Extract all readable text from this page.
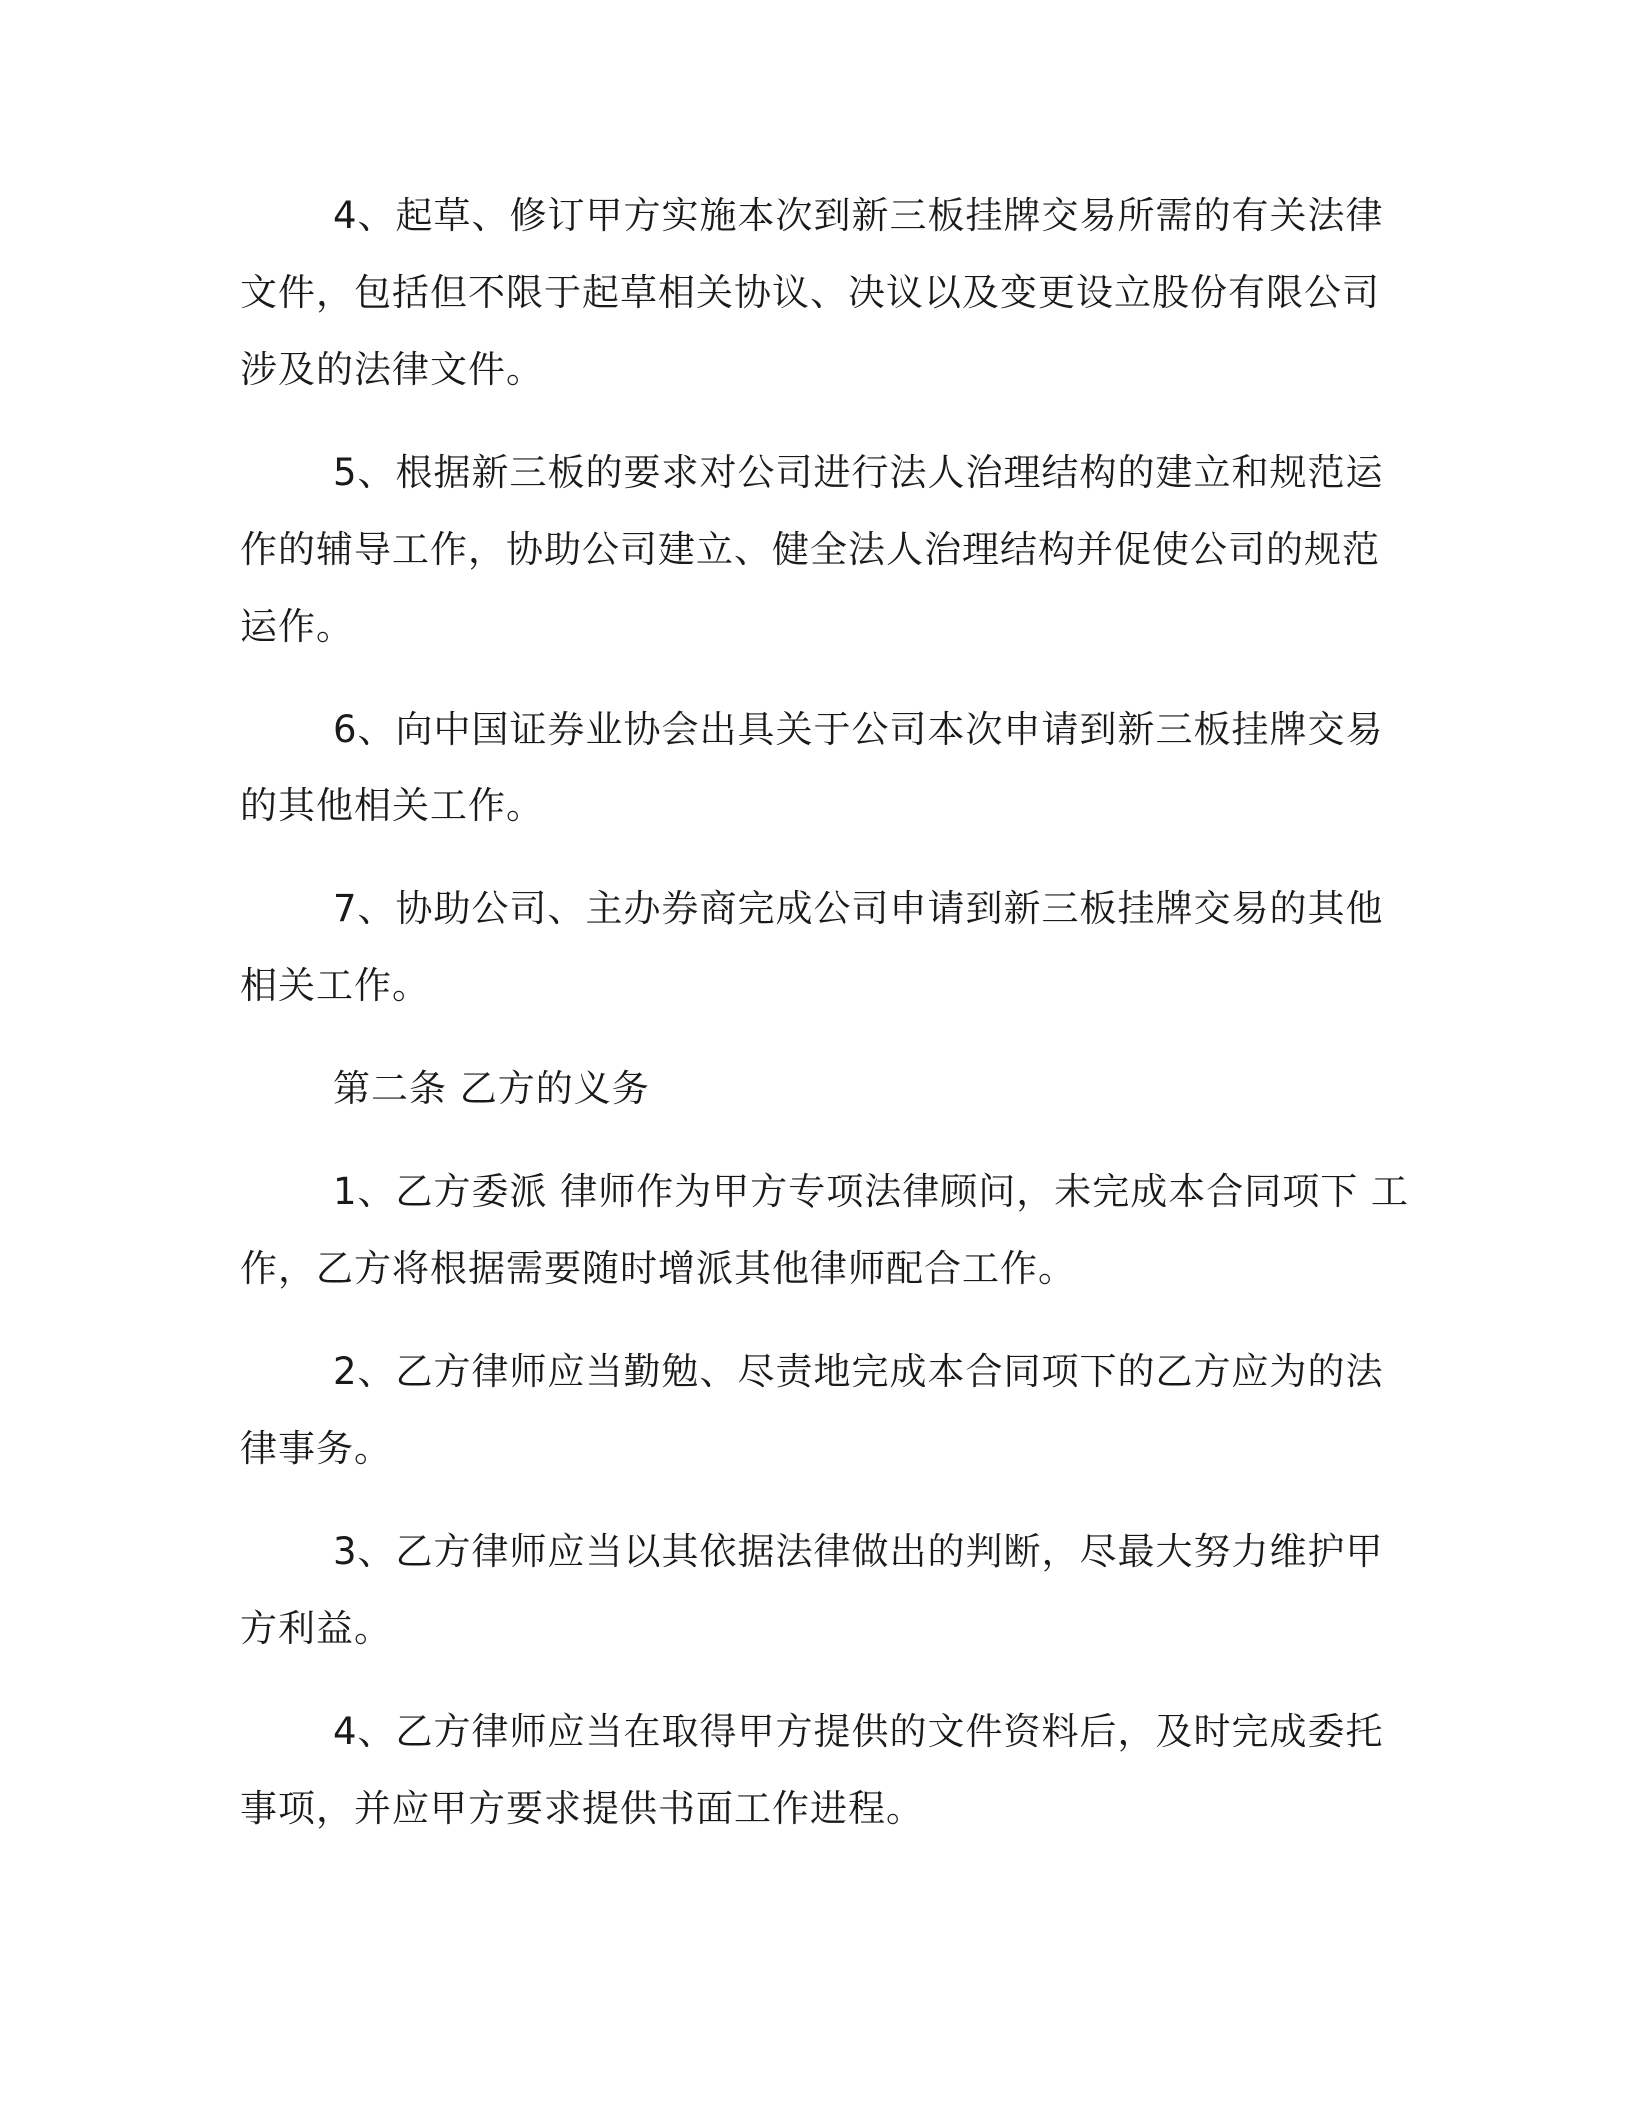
4、起草、修订甲方实施本次到新三板挂牌交易所需的有关法律
文件，包括但不限于起草相关协议、决议以及变更设立股份有限公司
涉及的法律文件。
5、根据新三板的要求对公司进行法人治理结构的建立和规范运
作的辅导工作，协助公司建立、健全法人治理结构并促使公司的规范
运作。
6、向中国证券业协会出具关于公司本次申请到新三板挂牌交易
的其他相关工作。
7、协助公司、主办券商完成公司申请到新三板挂牌交易的其他
相关工作。
第二条 乙方的义务
1、乙方委派 律师作为甲方专项法律顾问，未完成本合同项下 工
作，乙方将根据需要随时增派其他律师配合工作。
2、乙方律师应当勤勉、尽责地完成本合同项下的乙方应为的法
律事务。
3、乙方律师应当以其依据法律做出的判断，尽最大努力维护甲
方利益。
4、乙方律师应当在取得甲方提供的文件资料后，及时完成委托
事项，并应甲方要求提供书面工作进程。
